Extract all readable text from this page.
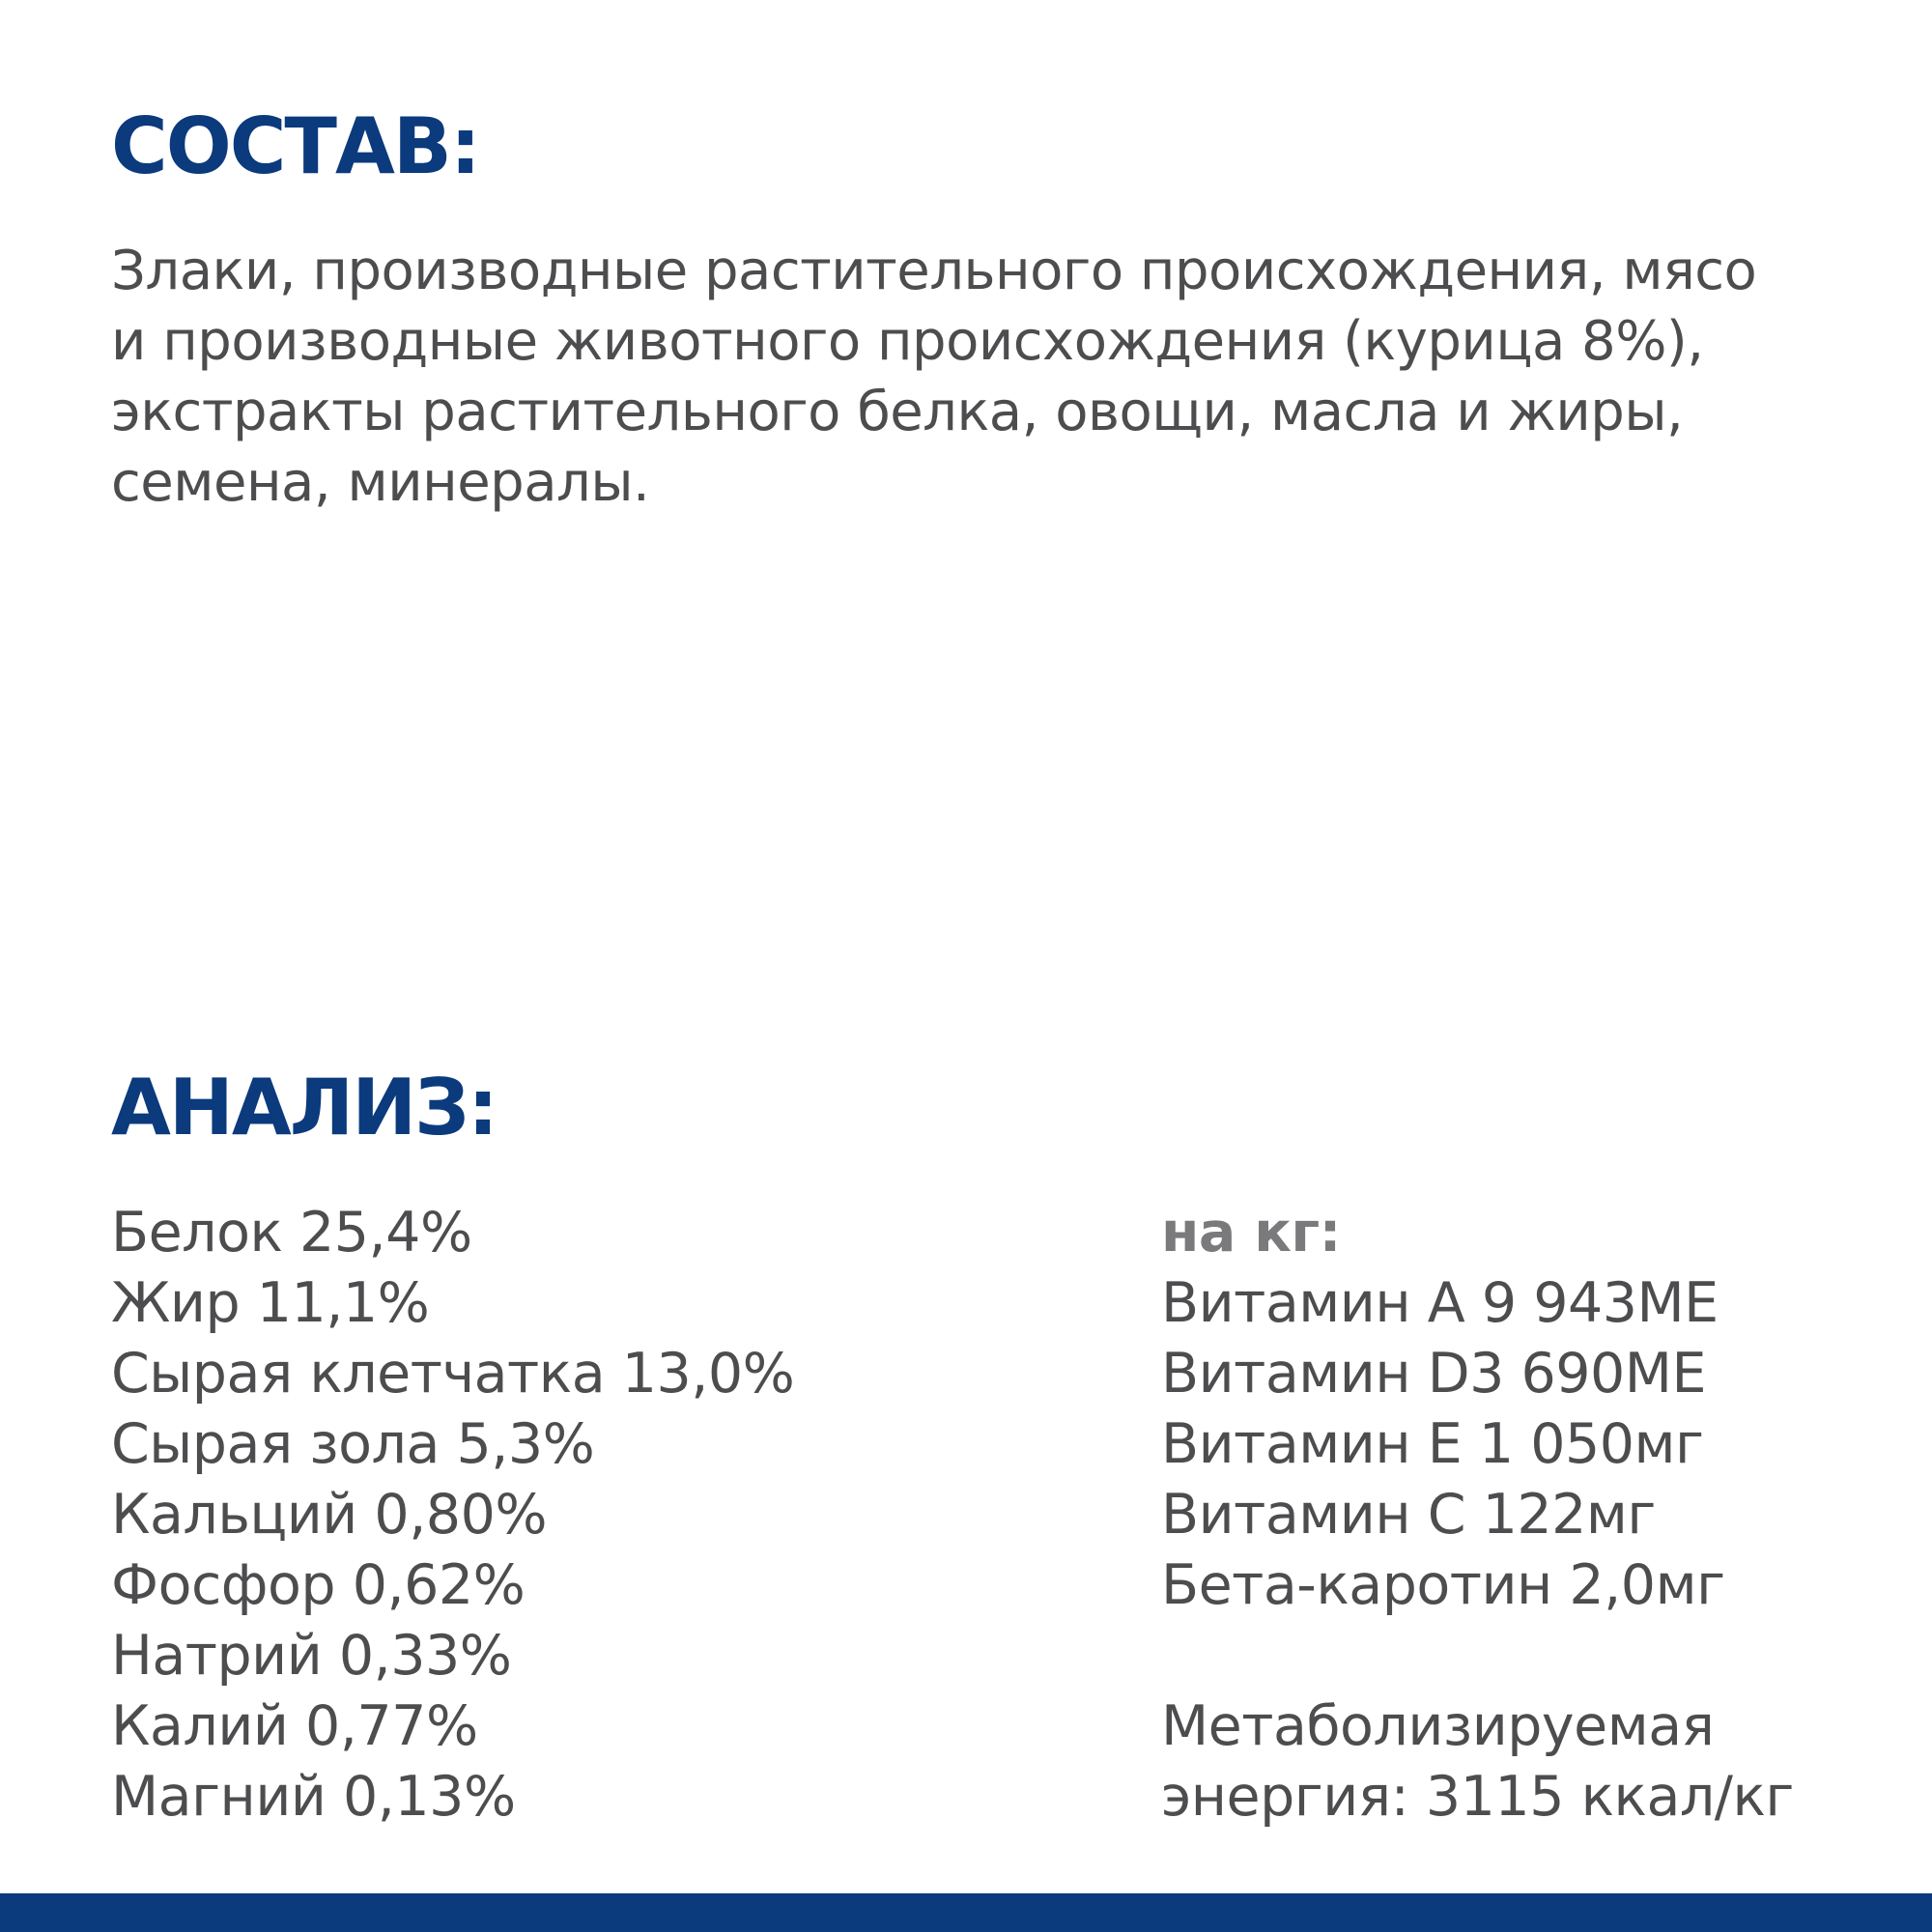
СОСТАВ:

Злаки, производные растительного происхождения, мясо
и производные животного происхождения (курица 8%),
экстракты растительного белка, овощи, масла и жиры,
семена, минералы.

АНАЛИЗ:
Белок 25,4%
Жир 11,1%
Сырая клетчатка 13,0%
Сырая зола 5,3%
Кальций 0,80%
Фосфор 0,62%
Натрий 0,33%
Калий 0,77%
Магний 0,13%
на кг:
Витамин А 9 943МЕ
Витамин D3 690МЕ
Витамин Е 1 050мг
Витамин С 122мг
Бета-каротин 2,0мг
Метаболизируемая
энергия: 3115 ккал/кг
